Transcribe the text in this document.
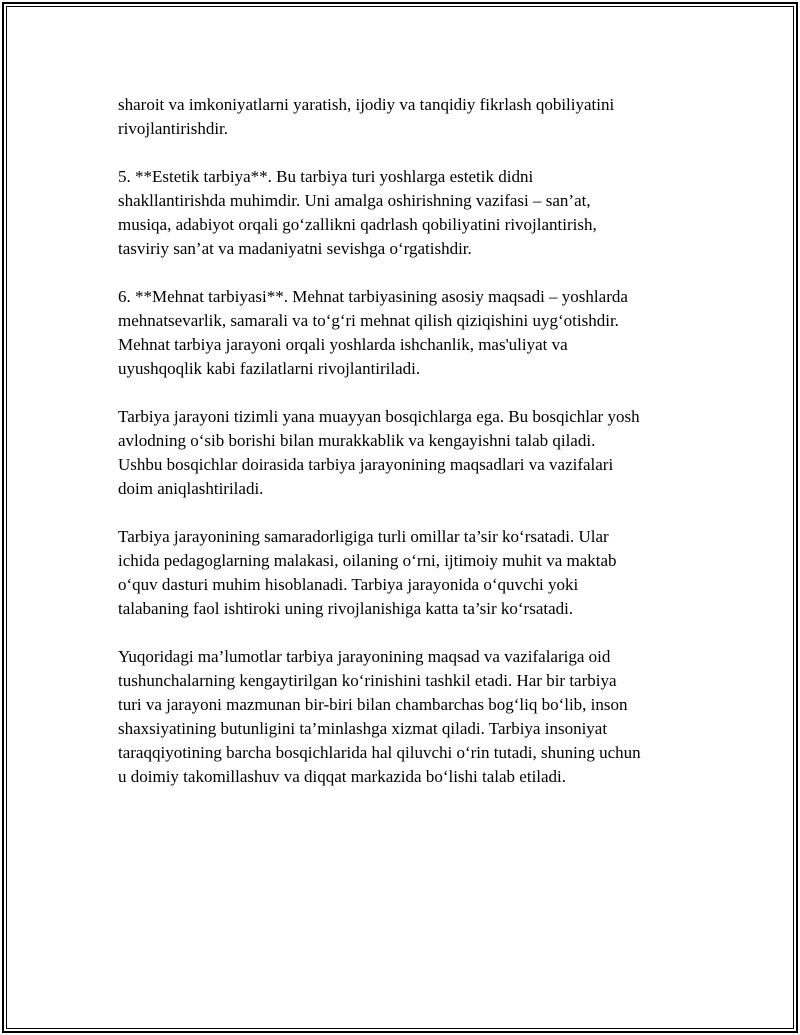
sharoit va imkoniyatlarni yaratish, ijodiy va tanqidiy fikrlash qobiliyatini
rivojlantirishdir.

5. **Estetik tarbiya**. Bu tarbiya turi yoshlarga estetik didni
shakllantirishda muhimdir. Uni amalga oshirishning vazifasi – san’at,
musiqa, adabiyot orqali go‘zallikni qadrlash qobiliyatini rivojlantirish,
tasviriy san’at va madaniyatni sevishga o‘rgatishdir.

6. **Mehnat tarbiyasi**. Mehnat tarbiyasining asosiy maqsadi – yoshlarda
mehnatsevarlik, samarali va to‘g‘ri mehnat qilish qiziqishini uyg‘otishdir.
Mehnat tarbiya jarayoni orqali yoshlarda ishchanlik, mas'uliyat va
uyushqoqlik kabi fazilatlarni rivojlantiriladi.

Tarbiya jarayoni tizimli yana muayyan bosqichlarga ega. Bu bosqichlar yosh
avlodning o‘sib borishi bilan murakkablik va kengayishni talab qiladi.
Ushbu bosqichlar doirasida tarbiya jarayonining maqsadlari va vazifalari
doim aniqlashtiriladi.

Tarbiya jarayonining samaradorligiga turli omillar ta’sir ko‘rsatadi. Ular
ichida pedagoglarning malakasi, oilaning o‘rni, ijtimoiy muhit va maktab
o‘quv dasturi muhim hisoblanadi. Tarbiya jarayonida o‘quvchi yoki
talabaning faol ishtiroki uning rivojlanishiga katta ta’sir ko‘rsatadi.

Yuqoridagi ma’lumotlar tarbiya jarayonining maqsad va vazifalariga oid
tushunchalarning kengaytirilgan ko‘rinishini tashkil etadi. Har bir tarbiya
turi va jarayoni mazmunan bir-biri bilan chambarchas bog‘liq bo‘lib, inson
shaxsiyatining butunligini ta’minlashga xizmat qiladi. Tarbiya insoniyat
taraqqiyotining barcha bosqichlarida hal qiluvchi o‘rin tutadi, shuning uchun
u doimiy takomillashuv va diqqat markazida bo‘lishi talab etiladi.
